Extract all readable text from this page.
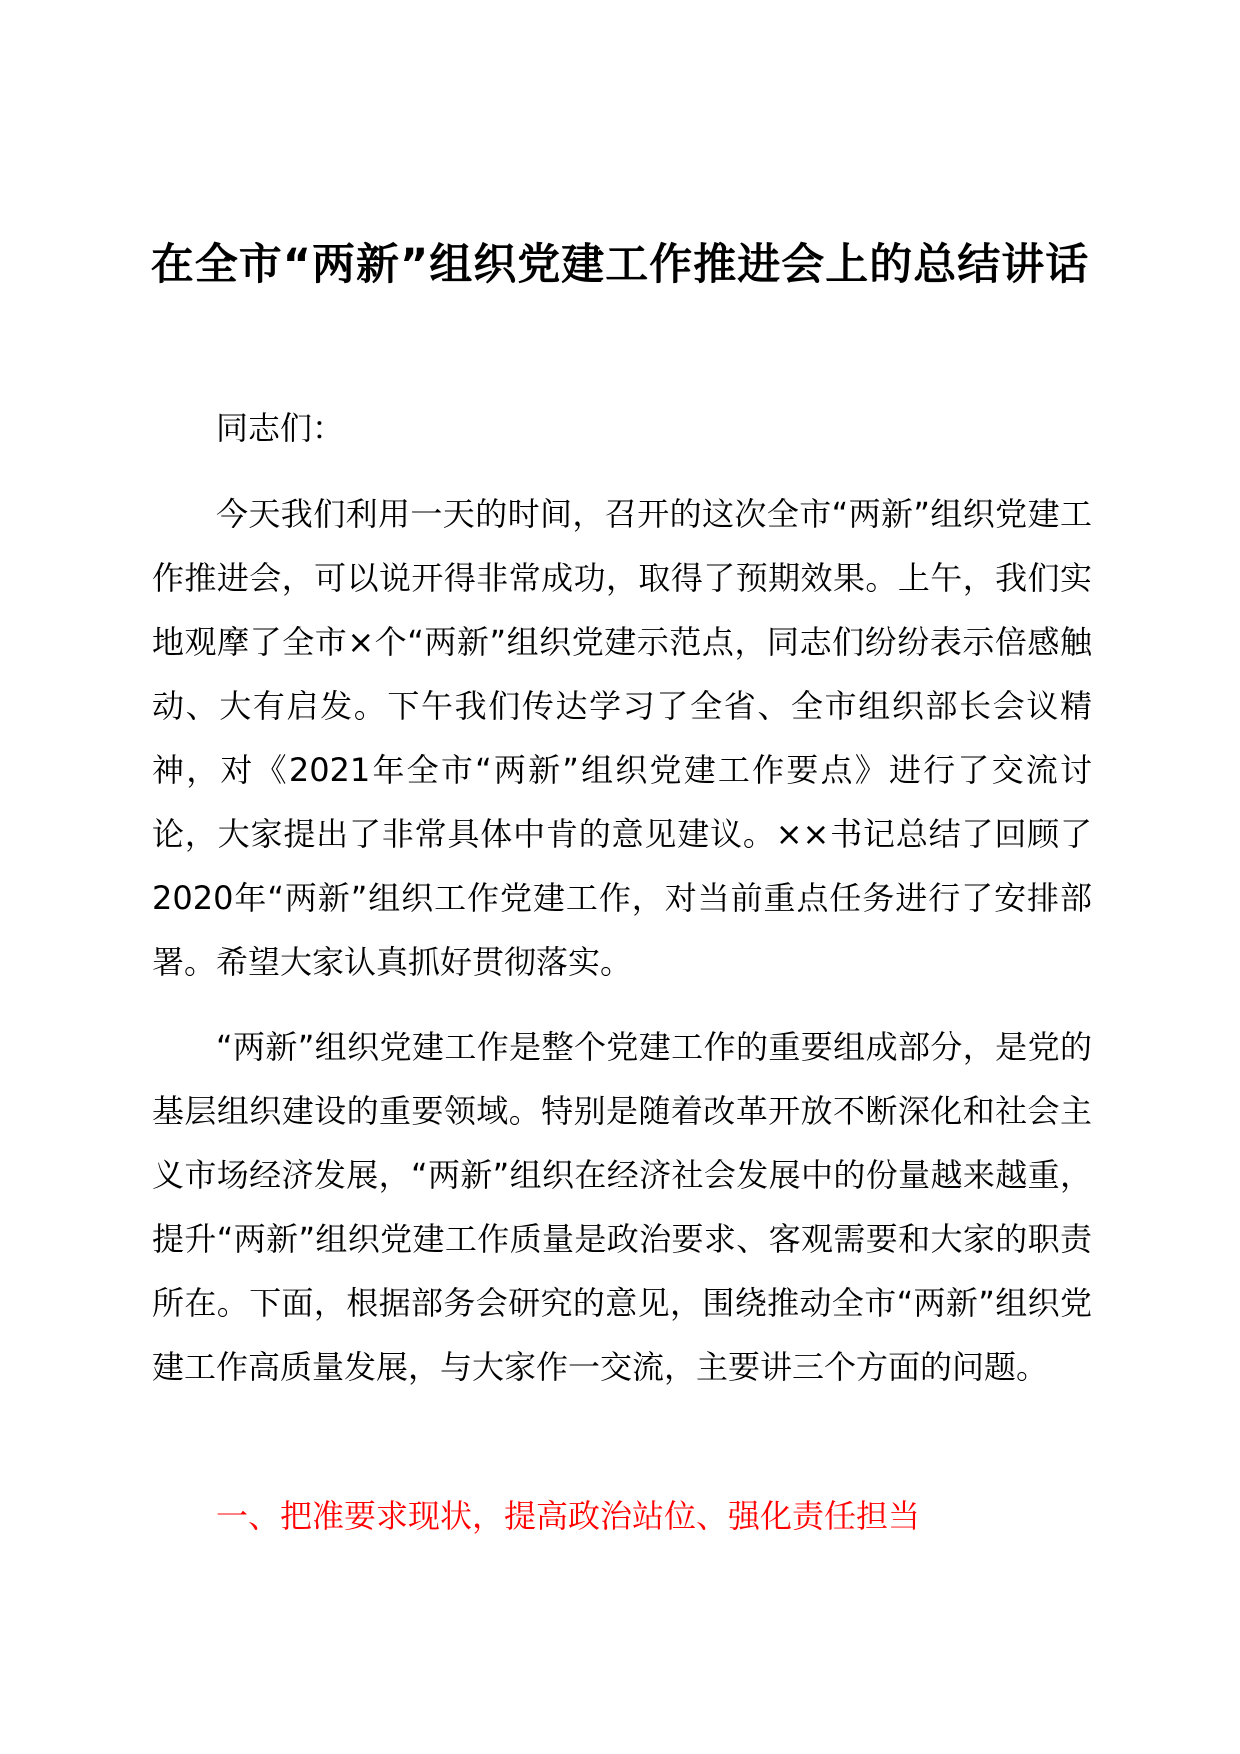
在全市“两新”组织党建工作推进会上的总结讲话

同志们：

今天我们利用一天的时间，召开的这次全市“两新”组织党建工作推进会，可以说开得非常成功，取得了预期效果。上午，我们实地观摩了全市×个“两新”组织党建示范点，同志们纷纷表示倍感触动、大有启发。下午我们传达学习了全省、全市组织部长会议精神，对《2021年全市“两新”组织党建工作要点》进行了交流讨论，大家提出了非常具体中肯的意见建议。××书记总结了回顾了2020年“两新”组织工作党建工作，对当前重点任务进行了安排部署。希望大家认真抓好贯彻落实。

“两新”组织党建工作是整个党建工作的重要组成部分，是党的基层组织建设的重要领域。特别是随着改革开放不断深化和社会主义市场经济发展，“两新”组织在经济社会发展中的份量越来越重，提升“两新”组织党建工作质量是政治要求、客观需要和大家的职责所在。下面，根据部务会研究的意见，围绕推动全市“两新”组织党建工作高质量发展，与大家作一交流，主要讲三个方面的问题。

一、把准要求现状，提高政治站位、强化责任担当
